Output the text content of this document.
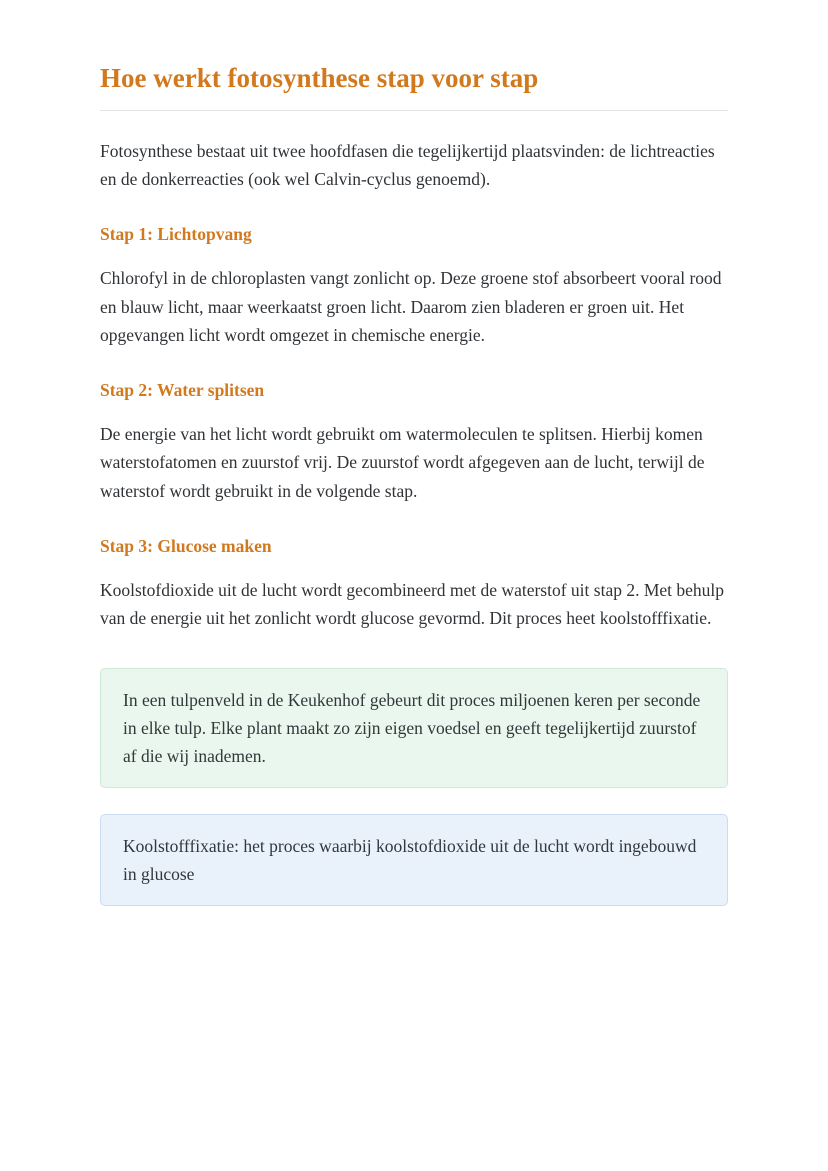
Hoe werkt fotosynthese stap voor stap

Fotosynthese bestaat uit twee hoofdfasen die tegelijkertijd plaatsvinden: de lichtreacties en de donkerreacties (ook wel Calvin-cyclus genoemd).

Stap 1: Lichtopvang

Chlorofyl in de chloroplasten vangt zonlicht op. Deze groene stof absorbeert vooral rood en blauw licht, maar weerkaatst groen licht. Daarom zien bladeren er groen uit. Het opgevangen licht wordt omgezet in chemische energie.

Stap 2: Water splitsen

De energie van het licht wordt gebruikt om watermoleculen te splitsen. Hierbij komen waterstofatomen en zuurstof vrij. De zuurstof wordt afgegeven aan de lucht, terwijl de waterstof wordt gebruikt in de volgende stap.

Stap 3: Glucose maken

Koolstofdioxide uit de lucht wordt gecombineerd met de waterstof uit stap 2. Met behulp van de energie uit het zonlicht wordt glucose gevormd. Dit proces heet koolstofffixatie.

In een tulpenveld in de Keukenhof gebeurt dit proces miljoenen keren per seconde in elke tulp. Elke plant maakt zo zijn eigen voedsel en geeft tegelijkertijd zuurstof af die wij inademen.
Koolstofffixatie: het proces waarbij koolstofdioxide uit de lucht wordt ingebouwd in glucose
